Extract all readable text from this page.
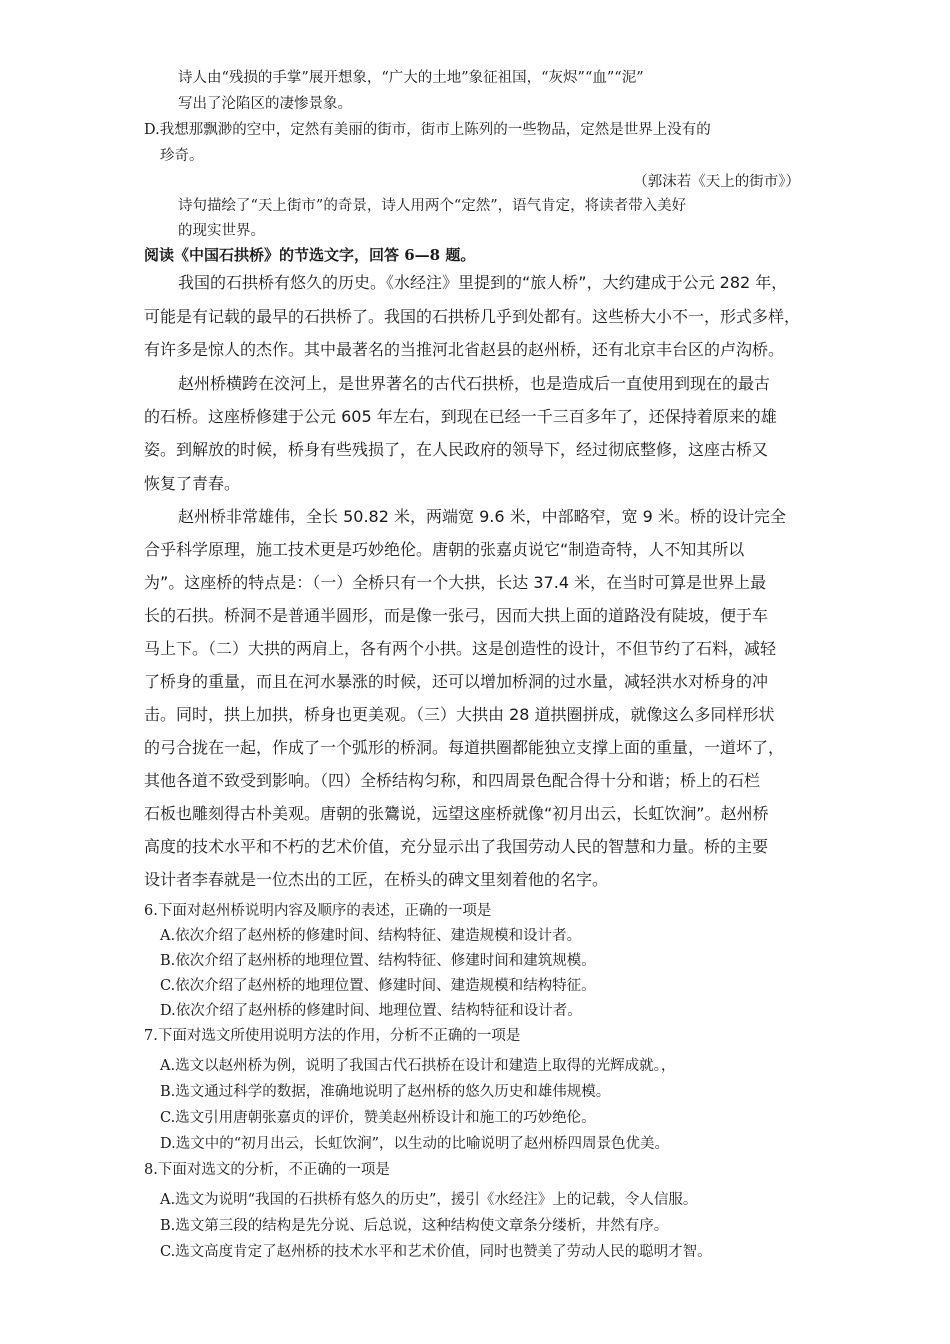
诗人由“残损的手掌”展开想象，“广大的土地”象征祖国，“灰烬”“血”“泥”
写出了沦陷区的凄惨景象。
D.我想那飘渺的空中，定然有美丽的街市，街市上陈列的一些物品，定然是世界上没有的
珍奇。
（郭沫若《天上的街市》）
诗句描绘了“天上街市”的奇景，诗人用两个“定然”，语气肯定，将读者带入美好
的现实世界。
阅读《中国石拱桥》的节选文字，回答 6—8 题。
我国的石拱桥有悠久的历史。《水经注》里提到的“旅人桥”，大约建成于公元 282 年，
可能是有记载的最早的石拱桥了。我国的石拱桥几乎到处都有。这些桥大小不一，形式多样，
有许多是惊人的杰作。其中最著名的当推河北省赵县的赵州桥，还有北京丰台区的卢沟桥。
赵州桥横跨在洨河上，是世界著名的古代石拱桥，也是造成后一直使用到现在的最古
的石桥。这座桥修建于公元 605 年左右，到现在已经一千三百多年了，还保持着原来的雄
姿。到解放的时候，桥身有些残损了，在人民政府的领导下，经过彻底整修，这座古桥又
恢复了青春。
赵州桥非常雄伟，全长 50.82 米，两端宽 9.6 米，中部略窄，宽 9 米。桥的设计完全
合乎科学原理，施工技术更是巧妙绝伦。唐朝的张嘉贞说它“制造奇特，人不知其所以
为”。这座桥的特点是：（一）全桥只有一个大拱，长达 37.4 米，在当时可算是世界上最
长的石拱。桥洞不是普通半圆形，而是像一张弓，因而大拱上面的道路没有陡坡，便于车
马上下。（二）大拱的两肩上，各有两个小拱。这是创造性的设计，不但节约了石料，减轻
了桥身的重量，而且在河水暴涨的时候，还可以增加桥洞的过水量，减轻洪水对桥身的冲
击。同时，拱上加拱，桥身也更美观。（三）大拱由 28 道拱圈拼成，就像这么多同样形状
的弓合拢在一起，作成了一个弧形的桥洞。每道拱圈都能独立支撑上面的重量，一道坏了，
其他各道不致受到影响。（四）全桥结构匀称，和四周景色配合得十分和谐；桥上的石栏
石板也雕刻得古朴美观。唐朝的张鷟说，远望这座桥就像“初月出云，长虹饮涧”。赵州桥
高度的技术水平和不朽的艺术价值，充分显示出了我国劳动人民的智慧和力量。桥的主要
设计者李春就是一位杰出的工匠，在桥头的碑文里刻着他的名字。
6.下面对赵州桥说明内容及顺序的表述，正确的一项是
A.依次介绍了赵州桥的修建时间、结构特征、建造规模和设计者。
B.依次介绍了赵州桥的地理位置、结构特征、修建时间和建筑规模。
C.依次介绍了赵州桥的地理位置、修建时间、建造规模和结构特征。
D.依次介绍了赵州桥的修建时间、地理位置、结构特征和设计者。
7.下面对选文所使用说明方法的作用，分析不正确的一项是
A.选文以赵州桥为例，说明了我国古代石拱桥在设计和建造上取得的光辉成就。，
B.选文通过科学的数据，准确地说明了赵州桥的悠久历史和雄伟规模。
C.选文引用唐朝张嘉贞的评价，赞美赵州桥设计和施工的巧妙绝伦。
D.选文中的“初月出云，长虹饮涧”，以生动的比喻说明了赵州桥四周景色优美。
8.下面对选文的分析，不正确的一项是
A.选文为说明“我国的石拱桥有悠久的历史”，援引《水经注》上的记载，令人信服。
B.选文第三段的结构是先分说、后总说，这种结构使文章条分缕析，井然有序。
C.选文高度肯定了赵州桥的技术水平和艺术价值，同时也赞美了劳动人民的聪明才智。
